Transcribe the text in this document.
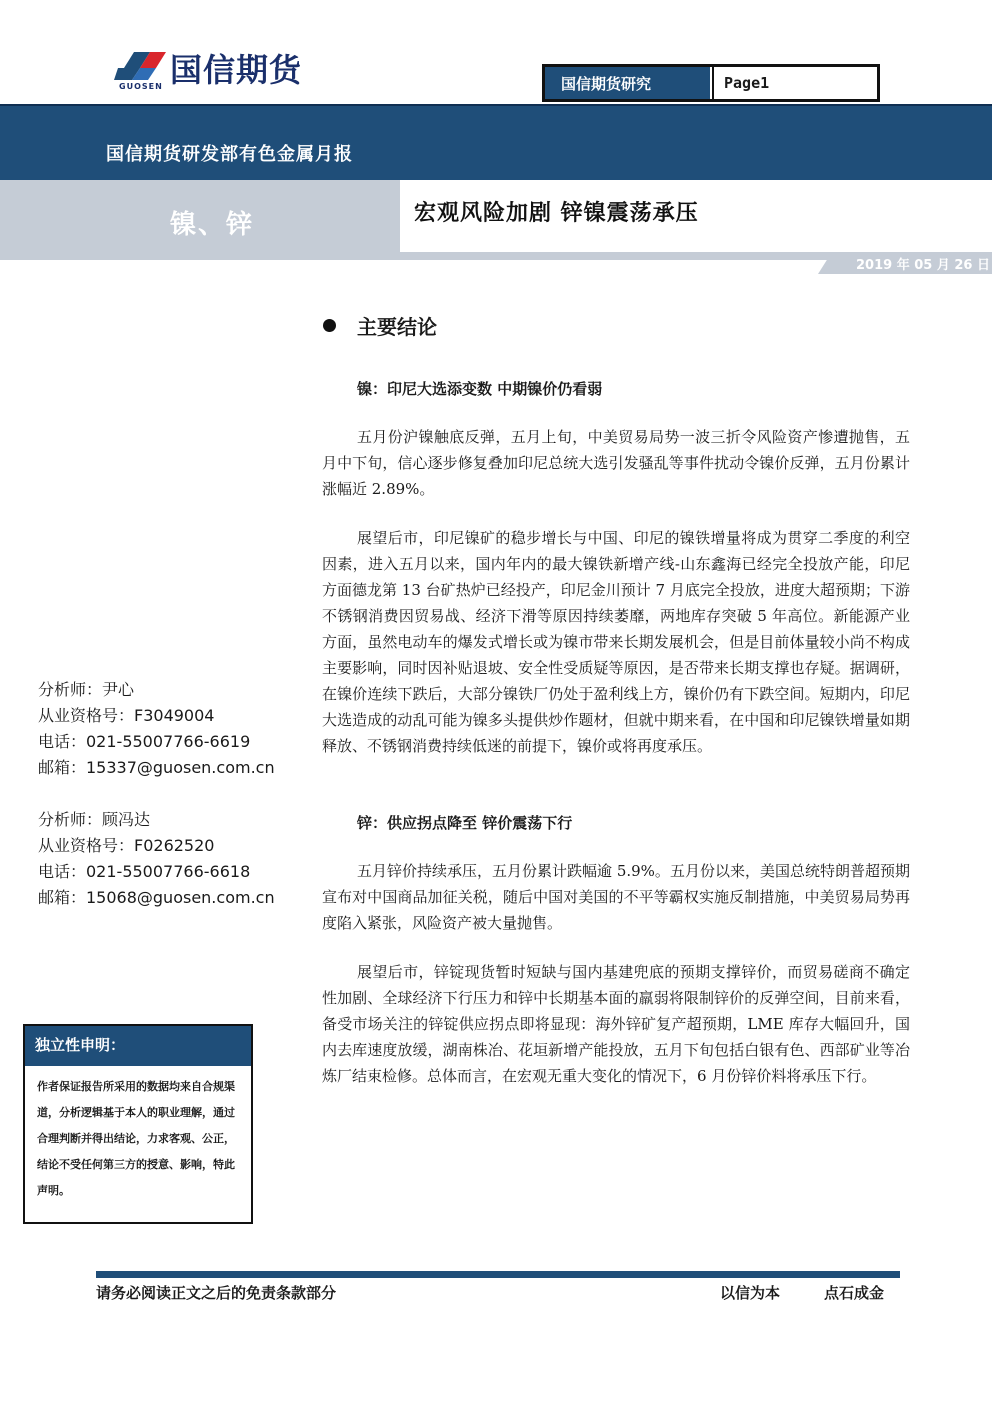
国信期货
GUOSEN	国信期货研究	Page1
国信期货研发部有色金属月报
镍、锌	宏观风险加剧 锌镍震荡承压
2019 年 05 月 26 日
主要结论
镍：印尼大选添变数 中期镍价仍看弱
五月份沪镍触底反弹，五月上旬，中美贸易局势一波三折令风险资产惨遭抛售，五月中下旬，信心逐步修复叠加印尼总统大选引发骚乱等事件扰动令镍价反弹，五月份累计涨幅近 2.89%。
展望后市，印尼镍矿的稳步增长与中国、印尼的镍铁增量将成为贯穿二季度的利空因素，进入五月以来，国内年内的最大镍铁新增产线-山东鑫海已经完全投放产能，印尼方面德龙第 13 台矿热炉已经投产，印尼金川预计 7 月底完全投放，进度大超预期；下游不锈钢消费因贸易战、经济下滑等原因持续萎靡，两地库存突破 5 年高位。新能源产业方面，虽然电动车的爆发式增长或为镍市带来长期发展机会，但是目前体量较小尚不构成主要影响，同时因补贴退坡、安全性受质疑等原因，是否带来长期支撑也存疑。据调研，在镍价连续下跌后，大部分镍铁厂仍处于盈利线上方，镍价仍有下跌空间。短期内，印尼大选造成的动乱可能为镍多头提供炒作题材，但就中期来看，在中国和印尼镍铁增量如期释放、不锈钢消费持续低迷的前提下，镍价或将再度承压。
锌：供应拐点降至 锌价震荡下行
五月锌价持续承压，五月份累计跌幅逾 5.9%。五月份以来，美国总统特朗普超预期宣布对中国商品加征关税，随后中国对美国的不平等霸权实施反制措施，中美贸易局势再度陷入紧张，风险资产被大量抛售。
展望后市，锌锭现货暂时短缺与国内基建兜底的预期支撑锌价，而贸易磋商不确定性加剧、全球经济下行压力和锌中长期基本面的羸弱将限制锌价的反弹空间，目前来看，备受市场关注的锌锭供应拐点即将显现：海外锌矿复产超预期，LME 库存大幅回升，国内去库速度放缓，湖南株冶、花垣新增产能投放，五月下旬包括白银有色、西部矿业等冶炼厂结束检修。总体而言，在宏观无重大变化的情况下，6 月份锌价料将承压下行。
分析师：尹心
从业资格号：F3049004
电话：021-55007766-6619
邮箱：15337@guosen.com.cn
分析师：顾冯达
从业资格号：F0262520
电话：021-55007766-6618
邮箱：15068@guosen.com.cn
独立性申明：
作者保证报告所采用的数据均来自合规渠道，分析逻辑基于本人的职业理解，通过合理判断并得出结论，力求客观、公正，结论不受任何第三方的授意、影响，特此声明。
请务必阅读正文之后的免责条款部分	以信为本	点石成金
